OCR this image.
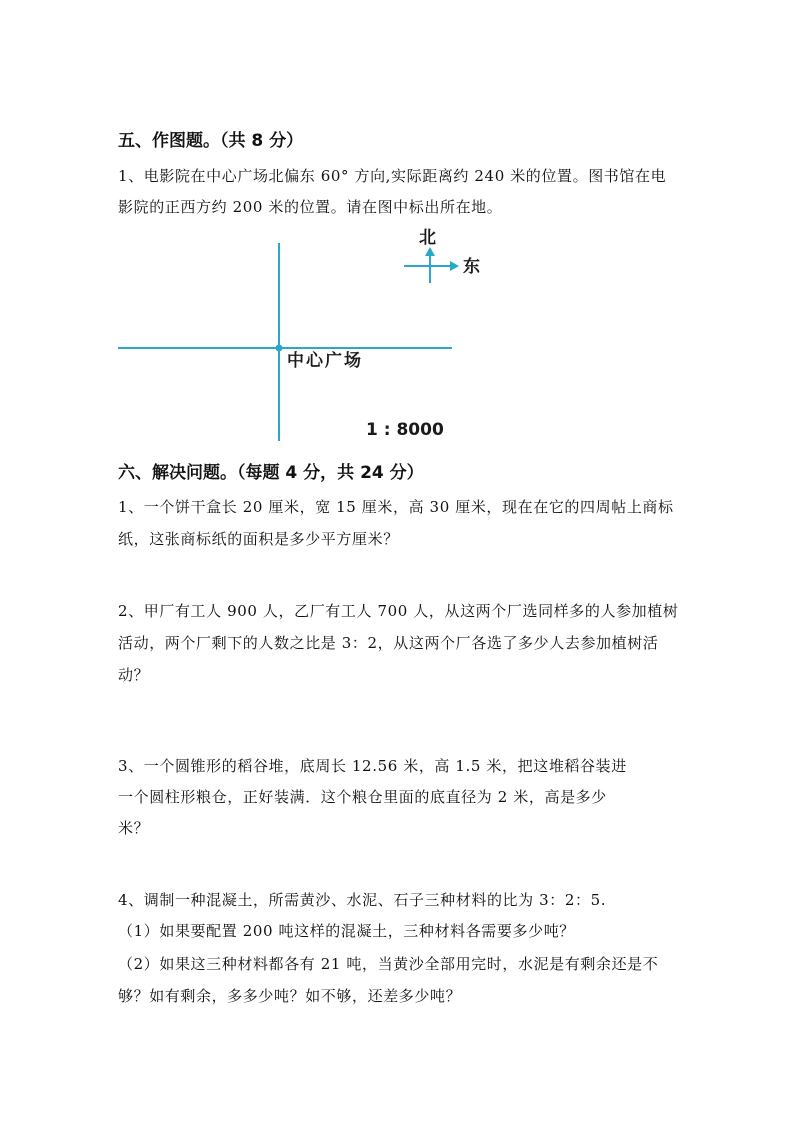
五、作图题。（共 8 分）
1、电影院在中心广场北偏东 60° 方向,实际距离约 240 米的位置。图书馆在电
影院的正西方约 200 米的位置。请在图中标出所在地。
北
东
中心广场
1 : 8000
六、解决问题。（每题 4 分，共 24 分）
1、一个饼干盒长 20 厘米，宽 15 厘米，高 30 厘米，现在在它的四周帖上商标
纸，这张商标纸的面积是多少平方厘米？
2、甲厂有工人 900 人，乙厂有工人 700 人，从这两个厂选同样多的人参加植树
活动，两个厂剩下的人数之比是 3：2，从这两个厂各选了多少人去参加植树活
动？
3、一个圆锥形的稻谷堆，底周长 12.56 米，高 1.5 米，把这堆稻谷装进
一个圆柱形粮仓，正好装满．这个粮仓里面的底直径为 2 米，高是多少
米？
4、调制一种混凝土，所需黄沙、水泥、石子三种材料的比为 3：2：5.
（1）如果要配置 200 吨这样的混凝土，三种材料各需要多少吨？
（2）如果这三种材料都各有 21 吨，当黄沙全部用完时，水泥是有剩余还是不
够？如有剩余，多多少吨？如不够，还差多少吨？
